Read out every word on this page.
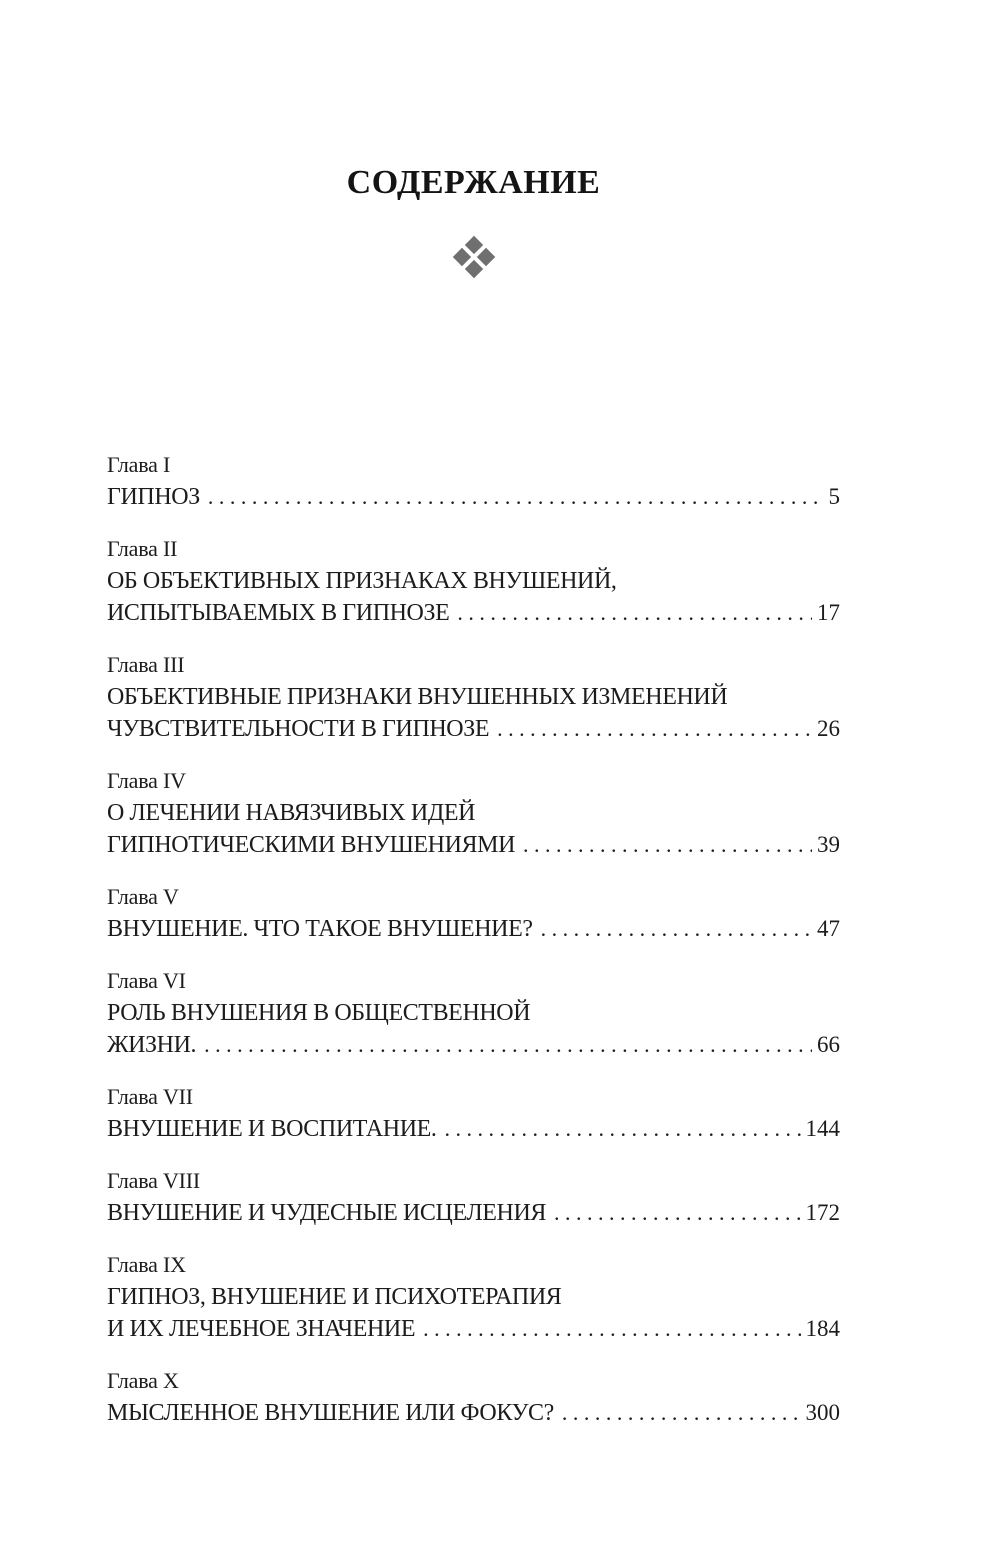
СОДЕРЖАНИЕ
Глава I
ГИПНОЗ .....	5
Глава II
ОБ ОБЪЕКТИВНЫХ ПРИЗНАКАХ ВНУШЕНИЙ,
ИСПЫТЫВАЕМЫХ В ГИПНОЗЕ .....	17
Глава III
ОБЪЕКТИВНЫЕ ПРИЗНАКИ ВНУШЕННЫХ ИЗМЕНЕНИЙ
ЧУВСТВИТЕЛЬНОСТИ В ГИПНОЗЕ .....	26
Глава IV
О ЛЕЧЕНИИ НАВЯЗЧИВЫХ ИДЕЙ
ГИПНОТИЧЕСКИМИ ВНУШЕНИЯМИ .....	39
Глава V
ВНУШЕНИЕ. ЧТО ТАКОЕ ВНУШЕНИЕ? .....	47
Глава VI
РОЛЬ ВНУШЕНИЯ В ОБЩЕСТВЕННОЙ
ЖИЗНИ. .....	66
Глава VII
ВНУШЕНИЕ И ВОСПИТАНИЕ. .....	144
Глава VIII
ВНУШЕНИЕ И ЧУДЕСНЫЕ ИСЦЕЛЕНИЯ .....	172
Глава IX
ГИПНОЗ, ВНУШЕНИЕ И ПСИХОТЕРАПИЯ
И ИХ ЛЕЧЕБНОЕ ЗНАЧЕНИЕ .....	184
Глава X
МЫСЛЕННОЕ ВНУШЕНИЕ ИЛИ ФОКУС? .....	300
